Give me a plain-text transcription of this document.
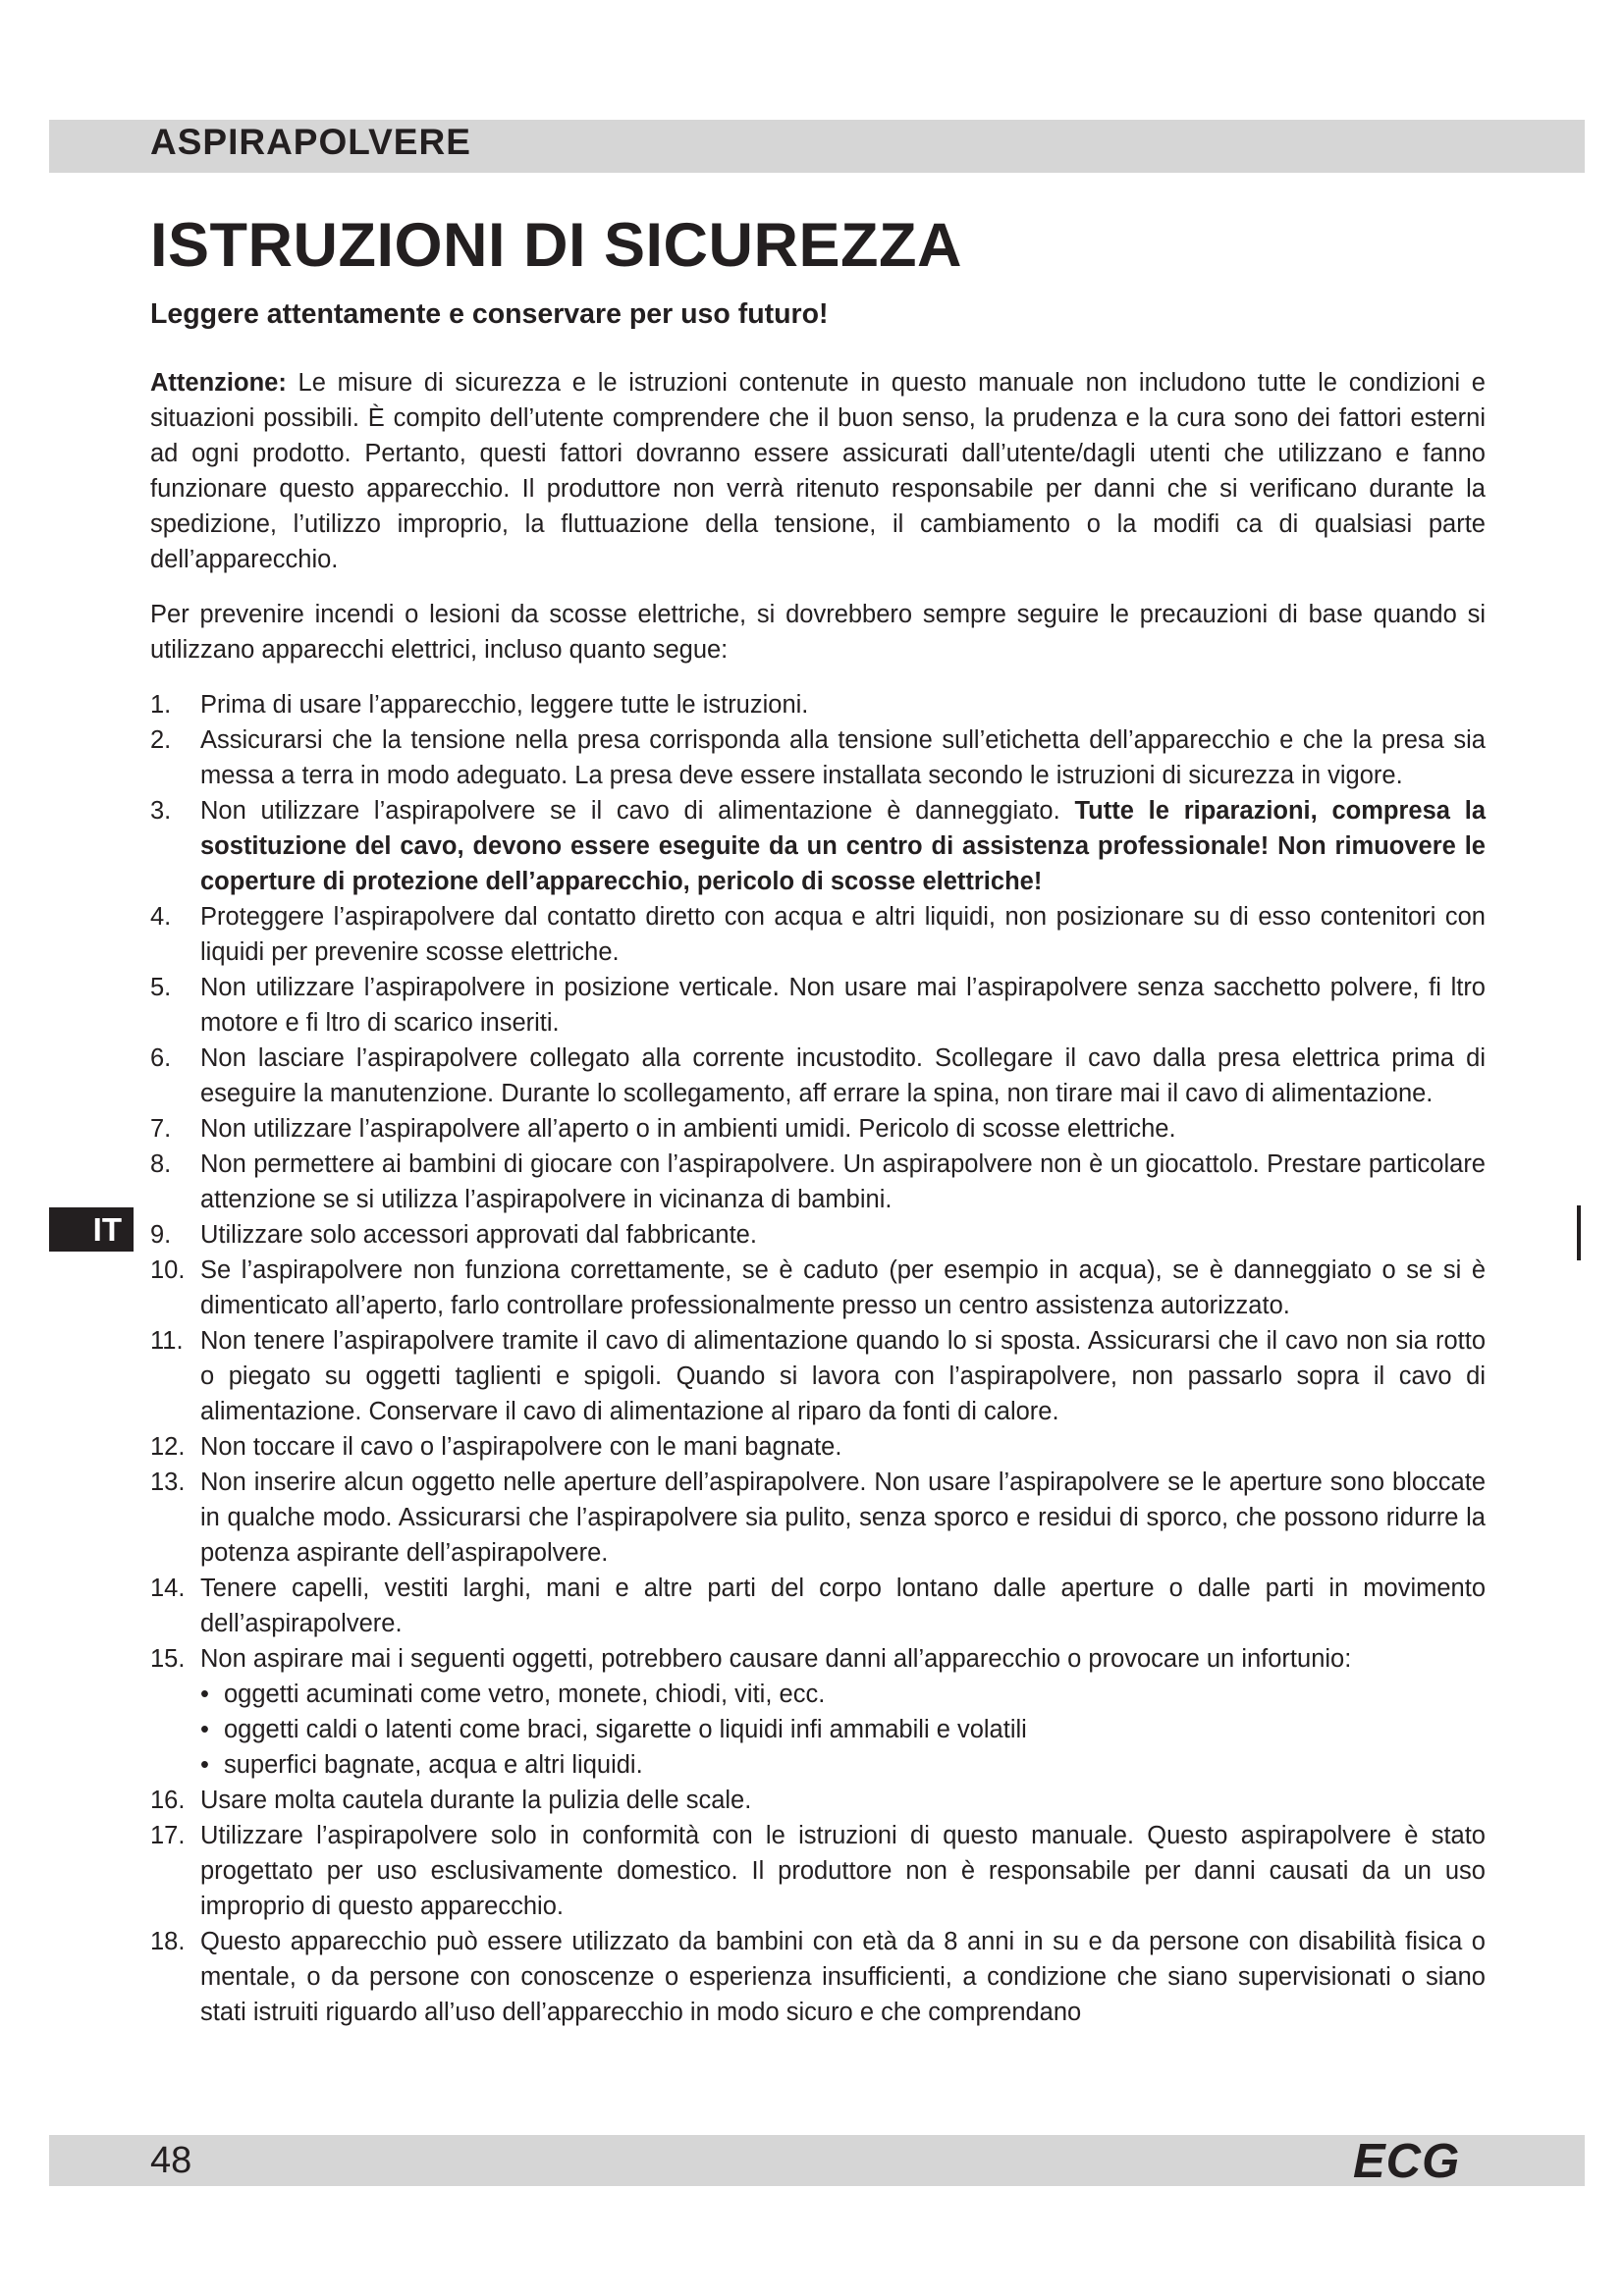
ASPIRAPOLVERE
ISTRUZIONI DI SICUREZZA
Leggere attentamente e conservare per uso futuro!

Attenzione: Le misure di sicurezza e le istruzioni contenute in questo manuale non includono tutte le condizioni e situazioni possibili. È compito dell’utente comprendere che il buon senso, la prudenza e la cura sono dei fattori esterni ad ogni prodotto. Pertanto, questi fattori dovranno essere assicurati dall’utente/dagli utenti che utilizzano e fanno funzionare questo apparecchio. Il produttore non verrà ritenuto responsabile per danni che si verificano durante la spedizione, l’utilizzo improprio, la fluttuazione della tensione, il cambiamento o la modifi ca di qualsiasi parte dell’apparecchio.

Per prevenire incendi o lesioni da scosse elettriche, si dovrebbero sempre seguire le precauzioni di base quando si utilizzano apparecchi elettrici, incluso quanto segue:

1. Prima di usare l’apparecchio, leggere tutte le istruzioni.
2. Assicurarsi che la tensione nella presa corrisponda alla tensione sull’etichetta dell’apparecchio e che la presa sia messa a terra in modo adeguato. La presa deve essere installata secondo le istruzioni di sicurezza in vigore.
3. Non utilizzare l’aspirapolvere se il cavo di alimentazione è danneggiato. Tutte le riparazioni, compresa la sostituzione del cavo, devono essere eseguite da un centro di assistenza professionale! Non rimuovere le coperture di protezione dell’apparecchio, pericolo di scosse elettriche!
4. Proteggere l’aspirapolvere dal contatto diretto con acqua e altri liquidi, non posizionare su di esso contenitori con liquidi per prevenire scosse elettriche.
5. Non utilizzare l’aspirapolvere in posizione verticale. Non usare mai l’aspirapolvere senza sacchetto polvere, fi ltro motore e fi ltro di scarico inseriti.
6. Non lasciare l’aspirapolvere collegato alla corrente incustodito. Scollegare il cavo dalla presa elettrica prima di eseguire la manutenzione. Durante lo scollegamento, aff errare la spina, non tirare mai il cavo di alimentazione.
7. Non utilizzare l’aspirapolvere all’aperto o in ambienti umidi. Pericolo di scosse elettriche.
8. Non permettere ai bambini di giocare con l’aspirapolvere. Un aspirapolvere non è un giocattolo. Prestare particolare attenzione se si utilizza l’aspirapolvere in vicinanza di bambini.
9. Utilizzare solo accessori approvati dal fabbricante.
10. Se l’aspirapolvere non funziona correttamente, se è caduto (per esempio in acqua), se è danneggiato o se si è dimenticato all’aperto, farlo controllare professionalmente presso un centro assistenza autorizzato.
11. Non tenere l’aspirapolvere tramite il cavo di alimentazione quando lo si sposta. Assicurarsi che il cavo non sia rotto o piegato su oggetti taglienti e spigoli. Quando si lavora con l’aspirapolvere, non passarlo sopra il cavo di alimentazione. Conservare il cavo di alimentazione al riparo da fonti di calore.
12. Non toccare il cavo o l’aspirapolvere con le mani bagnate.
13. Non inserire alcun oggetto nelle aperture dell’aspirapolvere. Non usare l’aspirapolvere se le aperture sono bloccate in qualche modo. Assicurarsi che l’aspirapolvere sia pulito, senza sporco e residui di sporco, che possono ridurre la potenza aspirante dell’aspirapolvere.
14. Tenere capelli, vestiti larghi, mani e altre parti del corpo lontano dalle aperture o dalle parti in movimento dell’aspirapolvere.
15. Non aspirare mai i seguenti oggetti, potrebbero causare danni all’apparecchio o provocare un infortunio:
• oggetti acuminati come vetro, monete, chiodi, viti, ecc.
• oggetti caldi o latenti come braci, sigarette o liquidi infi ammabili e volatili
• superfici bagnate, acqua e altri liquidi.
16. Usare molta cautela durante la pulizia delle scale.
17. Utilizzare l’aspirapolvere solo in conformità con le istruzioni di questo manuale. Questo aspirapolvere è stato progettato per uso esclusivamente domestico. Il produttore non è responsabile per danni causati da un uso improprio di questo apparecchio.
18. Questo apparecchio può essere utilizzato da bambini con età da 8 anni in su e da persone con disabilità fisica o mentale, o da persone con conoscenze o esperienza insufficienti, a condizione che siano supervisionati o siano stati istruiti riguardo all’uso dell’apparecchio in modo sicuro e che comprendano
IT
48	ECG
